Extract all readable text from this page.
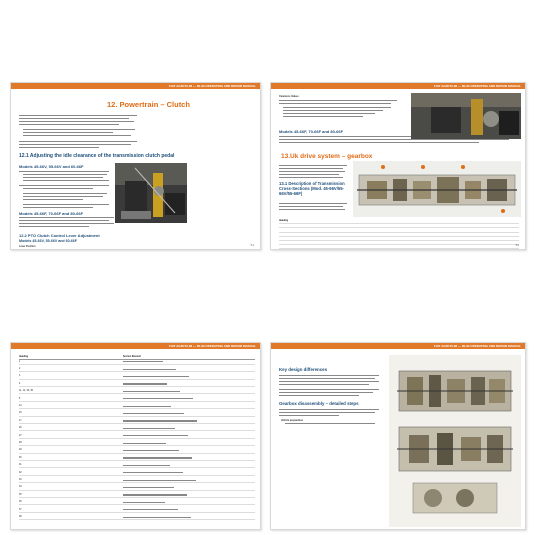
FIAT AGRI 55-66 — 80-90 OPERATING AND REPAIR MANUAL
12. Powertrain – Clutch
12.1 Adjusting the idle clearance of the transmission clutch pedal
Models 45-66V, 55-66V and 60-66F
Models 45-66F, 70-66F and 80-66F
12.2 PTO Clutch Control Lever Adjustment
Models 45-66V, 55-66V and 60-66F
Lever Position	51
FIAT AGRI 55-66 — 80-90 OPERATING AND REPAIR MANUAL
Clearance Values
Models 45-66F, 70-66F and 80-66F
13.Uk drive system – gearbox
13.1 Description of Transmission Cross-Sections (Mod. 45-66V/55-66V/55-66F)
Heading
52
FIAT AGRI 55-66 — 80-90 OPERATING AND REPAIR MANUAL
Heading	Section Element
1
2
3
4
11, 12, 15, 45
5
14
15
17
26
27
28
29
30
31
32
33
34
35
36
37
38
FIAT AGRI 55-66 — 80-90 OPERATING AND REPAIR MANUAL
Key design differences
Gearbox disassembly – detailed steps
Vehicle preparation
